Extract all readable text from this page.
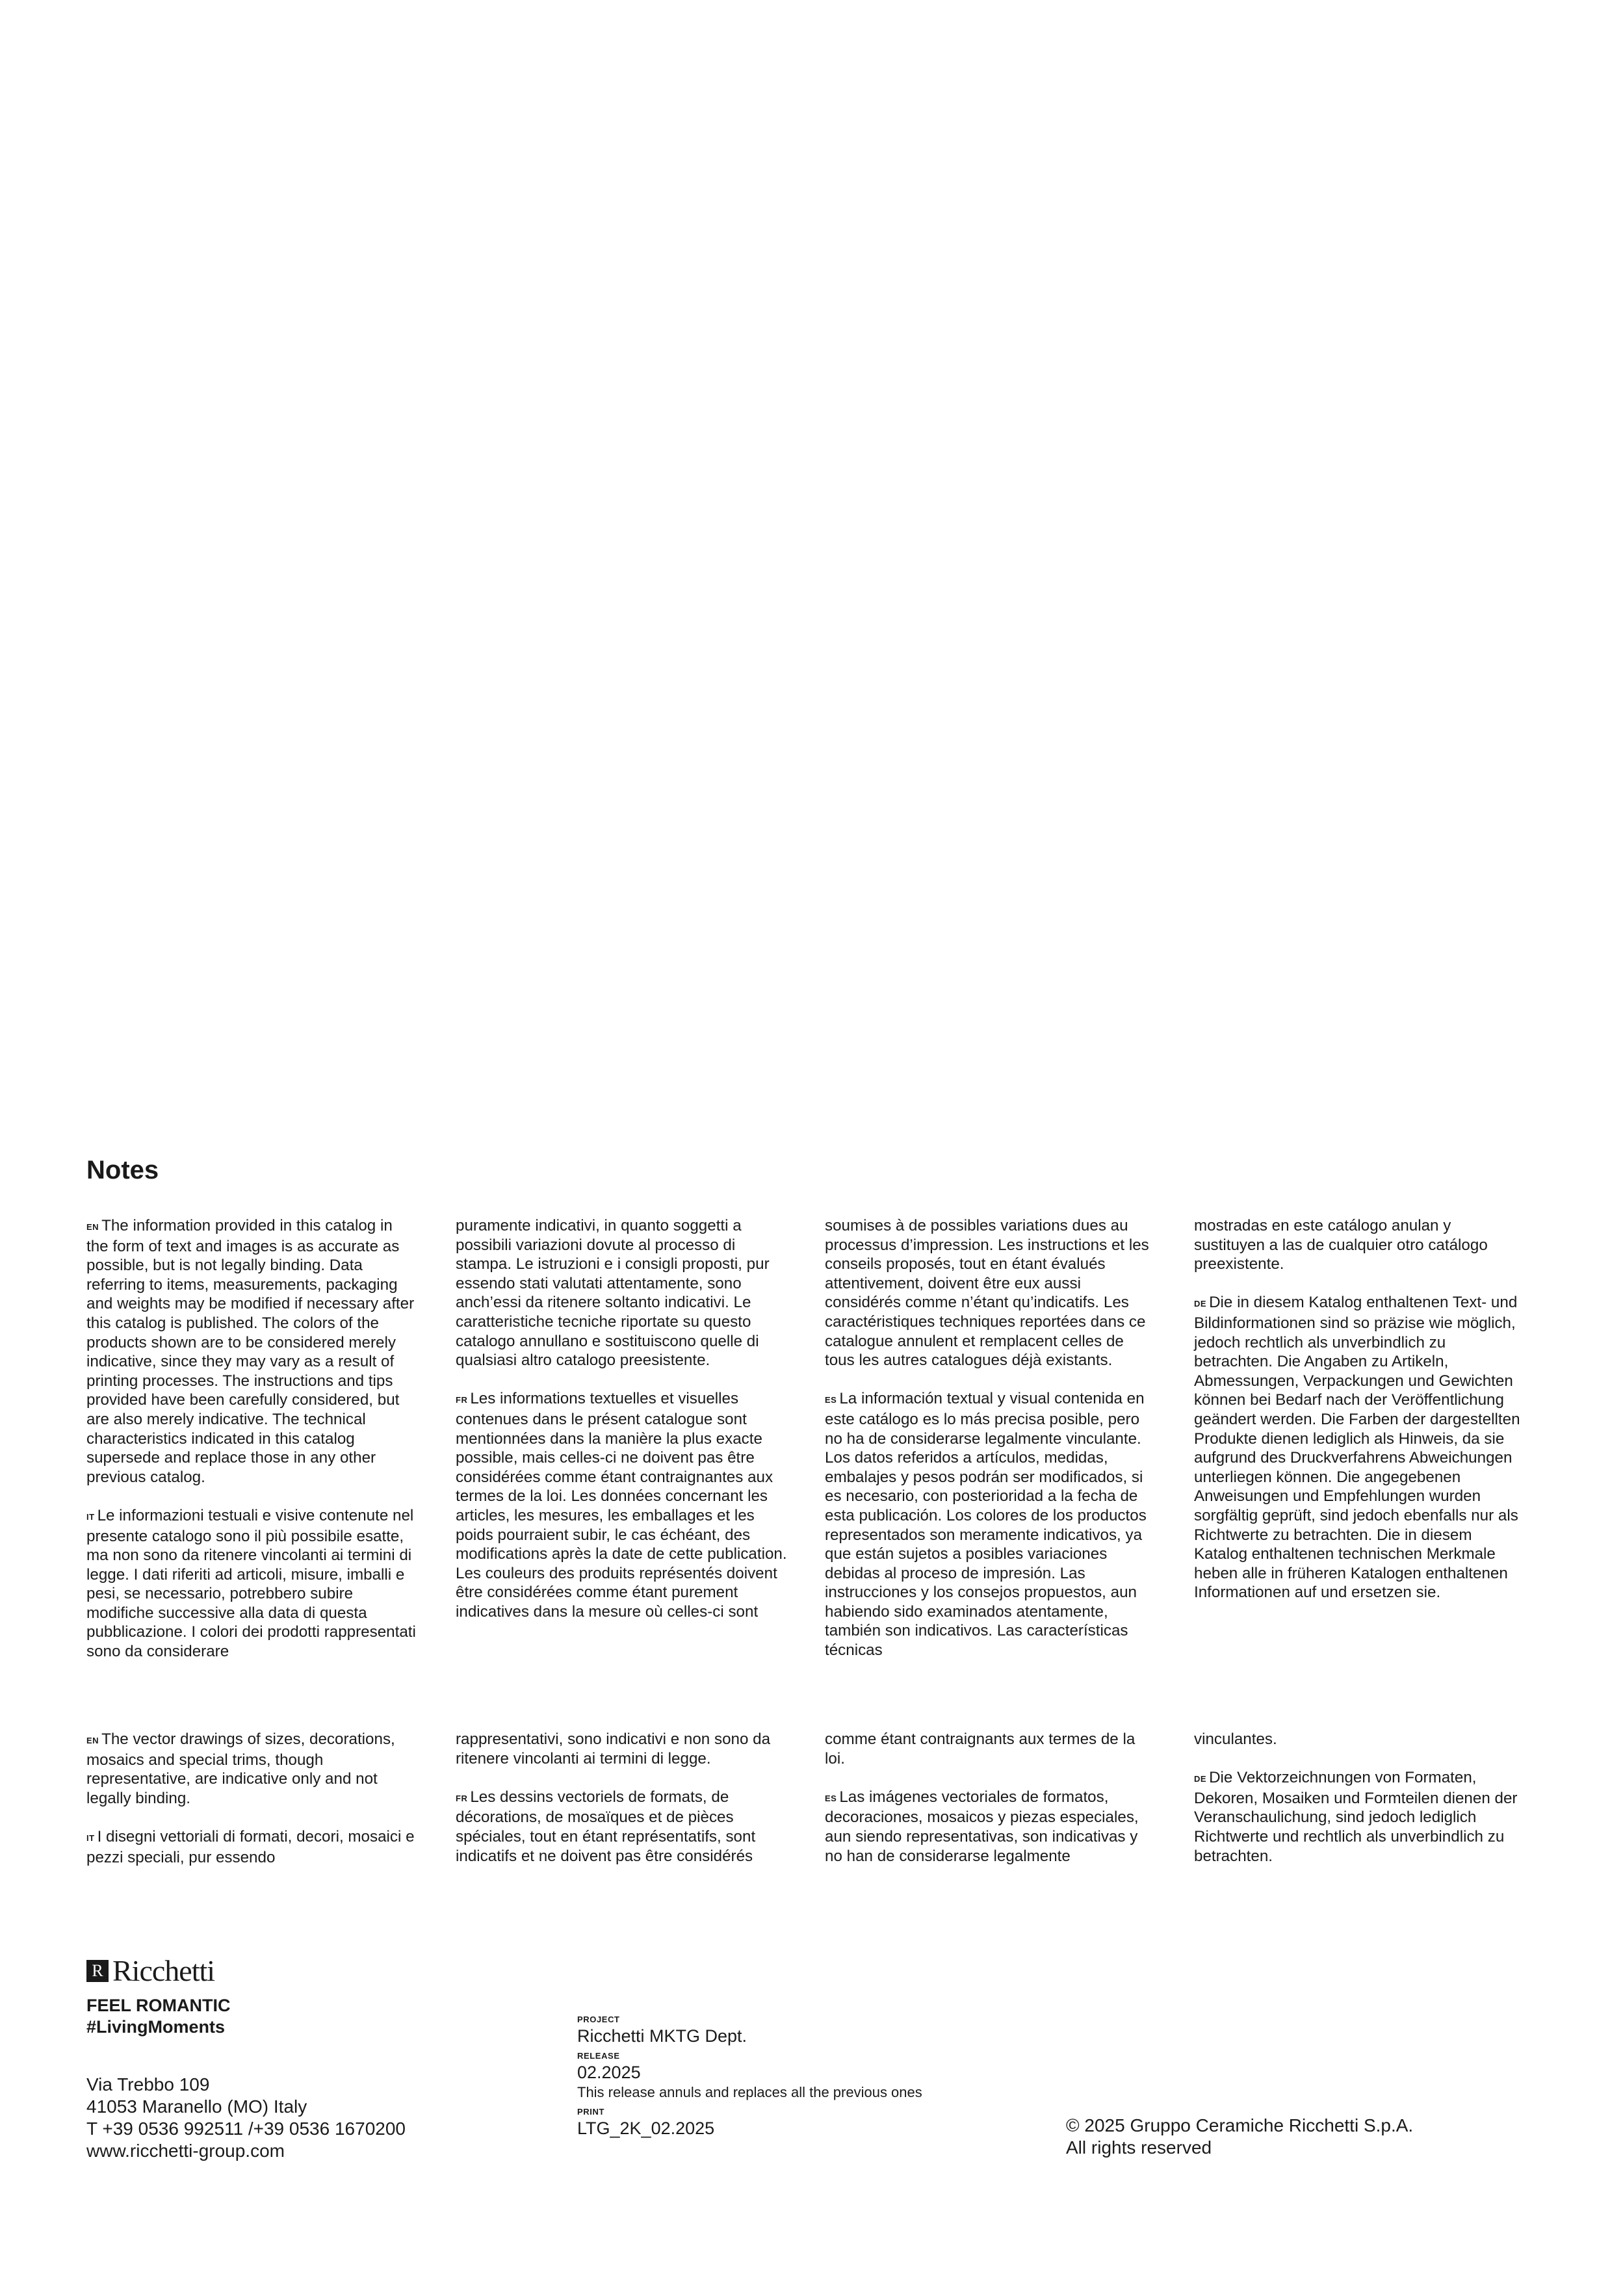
Notes

EN The information provided in this catalog in the form of text and images is as accurate as possible, but is not legally binding. Data referring to items, measurements, packaging and weights may be modified if necessary after this catalog is published. The colors of the products shown are to be considered merely indicative, since they may vary as a result of printing processes. The instructions and tips provided have been carefully considered, but are also merely indicative. The technical characteristics indicated in this catalog supersede and replace those in any other previous catalog.

IT Le informazioni testuali e visive contenute nel presente catalogo sono il più possibile esatte, ma non sono da ritenere vincolanti ai termini di legge. I dati riferiti ad articoli, misure, imballi e pesi, se necessario, potrebbero subire modifiche successive alla data di questa pubblicazione. I colori dei prodotti rappresentati sono da considerare

puramente indicativi, in quanto soggetti a possibili variazioni dovute al processo di stampa. Le istruzioni e i consigli proposti, pur essendo stati valutati attentamente, sono anch’essi da ritenere soltanto indicativi. Le caratteristiche tecniche riportate su questo catalogo annullano e sostituiscono quelle di qualsiasi altro catalogo preesistente.

FR Les informations textuelles et visuelles contenues dans le présent catalogue sont mentionnées dans la manière la plus exacte possible, mais celles-ci ne doivent pas être considérées comme étant contraignantes aux termes de la loi. Les données concernant les articles, les mesures, les emballages et les poids pourraient subir, le cas échéant, des modifications après la date de cette publication. Les couleurs des produits représentés doivent être considérées comme étant purement indicatives dans la mesure où celles-ci sont

soumises à de possibles variations dues au processus d’impression. Les instructions et les conseils proposés, tout en étant évalués attentivement, doivent être eux aussi considérés comme n’étant qu’indicatifs. Les caractéristiques techniques reportées dans ce catalogue annulent et remplacent celles de tous les autres catalogues déjà existants.

ES La información textual y visual contenida en este catálogo es lo más precisa posible, pero no ha de considerarse legalmente vinculante. Los datos referidos a artículos, medidas, embalajes y pesos podrán ser modificados, si es necesario, con posterioridad a la fecha de esta publicación. Los colores de los productos representados son meramente indicativos, ya que están sujetos a posibles variaciones debidas al proceso de impresión. Las instrucciones y los consejos propuestos, aun habiendo sido examinados atentamente, también son indicativos. Las características técnicas

mostradas en este catálogo anulan y sustituyen a las de cualquier otro catálogo preexistente.

DE Die in diesem Katalog enthaltenen Text- und Bildinformationen sind so präzise wie möglich, jedoch rechtlich als unverbindlich zu betrachten. Die Angaben zu Artikeln, Abmessungen, Verpackungen und Gewichten können bei Bedarf nach der Veröffentlichung geändert werden. Die Farben der dargestellten Produkte dienen lediglich als Hinweis, da sie aufgrund des Druckverfahrens Abweichungen unterliegen können. Die angegebenen Anweisungen und Empfehlungen wurden sorgfältig geprüft, sind jedoch ebenfalls nur als Richtwerte zu betrachten. Die in diesem Katalog enthaltenen technischen Merkmale heben alle in früheren Katalogen enthaltenen Informationen auf und ersetzen sie.

EN The vector drawings of sizes, decorations, mosaics and special trims, though representative, are indicative only and not legally binding.

IT I disegni vettoriali di formati, decori, mosaici e pezzi speciali, pur essendo

rappresentativi, sono indicativi e non sono da ritenere vincolanti ai termini di legge.

FR Les dessins vectoriels de formats, de décorations, de mosaïques et de pièces spéciales, tout en étant représentatifs, sont indicatifs et ne doivent pas être considérés

comme étant contraignants aux termes de la loi.

ES Las imágenes vectoriales de formatos, decoraciones, mosaicos y piezas especiales, aun siendo representativas, son indicativas y no han de considerarse legalmente

vinculantes.

DE Die Vektorzeichnungen von Formaten, Dekoren, Mosaiken und Formteilen dienen der Veranschaulichung, sind jedoch lediglich Richtwerte und rechtlich als unverbindlich zu betrachten.

R Ricchetti
FEEL ROMANTIC
#LivingMoments
Via Trebbo 109
41053 Maranello (MO) Italy
T +39 0536 992511 /+39 0536 1670200
www.ricchetti-group.com
PROJECT
Ricchetti MKTG Dept.
RELEASE
02.2025
This release annuls and replaces all the previous ones
PRINT
LTG_2K_02.2025	© 2025 Gruppo Ceramiche Ricchetti S.p.A.
All rights reserved
